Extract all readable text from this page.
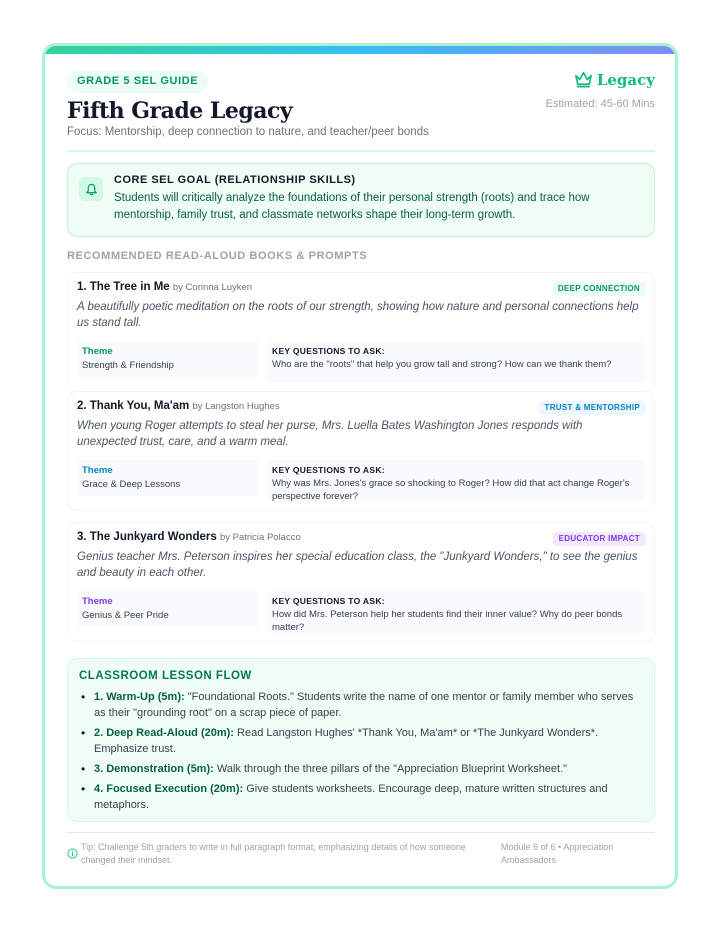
GRADE 5 SEL GUIDE	Legacy
Estimated: 45-60 Mins
Fifth Grade Legacy
Focus: Mentorship, deep connection to nature, and teacher/peer bonds
CORE SEL GOAL (RELATIONSHIP SKILLS)
Students will critically analyze the foundations of their personal strength (roots) and trace how mentorship, family trust, and classmate networks shape their long-term growth.
RECOMMENDED READ-ALOUD BOOKS & PROMPTS
1. The Tree in Me by Corinna Luyken	DEEP CONNECTION
A beautifully poetic meditation on the roots of our strength, showing how nature and personal connections help us stand tall.
Theme
Strength & Friendship
KEY QUESTIONS TO ASK:
Who are the "roots" that help you grow tall and strong? How can we thank them?
2. Thank You, Ma'am by Langston Hughes	TRUST & MENTORSHIP
When young Roger attempts to steal her purse, Mrs. Luella Bates Washington Jones responds with unexpected trust, care, and a warm meal.
Theme
Grace & Deep Lessons
KEY QUESTIONS TO ASK:
Why was Mrs. Jones's grace so shocking to Roger? How did that act change Roger's perspective forever?
3. The Junkyard Wonders by Patricia Polacco	EDUCATOR IMPACT
Genius teacher Mrs. Peterson inspires her special education class, the "Junkyard Wonders," to see the genius and beauty in each other.
Theme
Genius & Peer Pride
KEY QUESTIONS TO ASK:
How did Mrs. Peterson help her students find their inner value? Why do peer bonds matter?
CLASSROOM LESSON FLOW
• 1. Warm-Up (5m): "Foundational Roots." Students write the name of one mentor or family member who serves as their "grounding root" on a scrap piece of paper.
• 2. Deep Read-Aloud (20m): Read Langston Hughes' *Thank You, Ma'am* or *The Junkyard Wonders*. Emphasize trust.
• 3. Demonstration (5m): Walk through the three pillars of the "Appreciation Blueprint Worksheet."
• 4. Focused Execution (20m): Give students worksheets. Encourage deep, mature written structures and metaphors.
Tip: Challenge 5th graders to write in full paragraph format, emphasizing details of how someone changed their mindset.
Module 6 of 6 • Appreciation Ambassadors
